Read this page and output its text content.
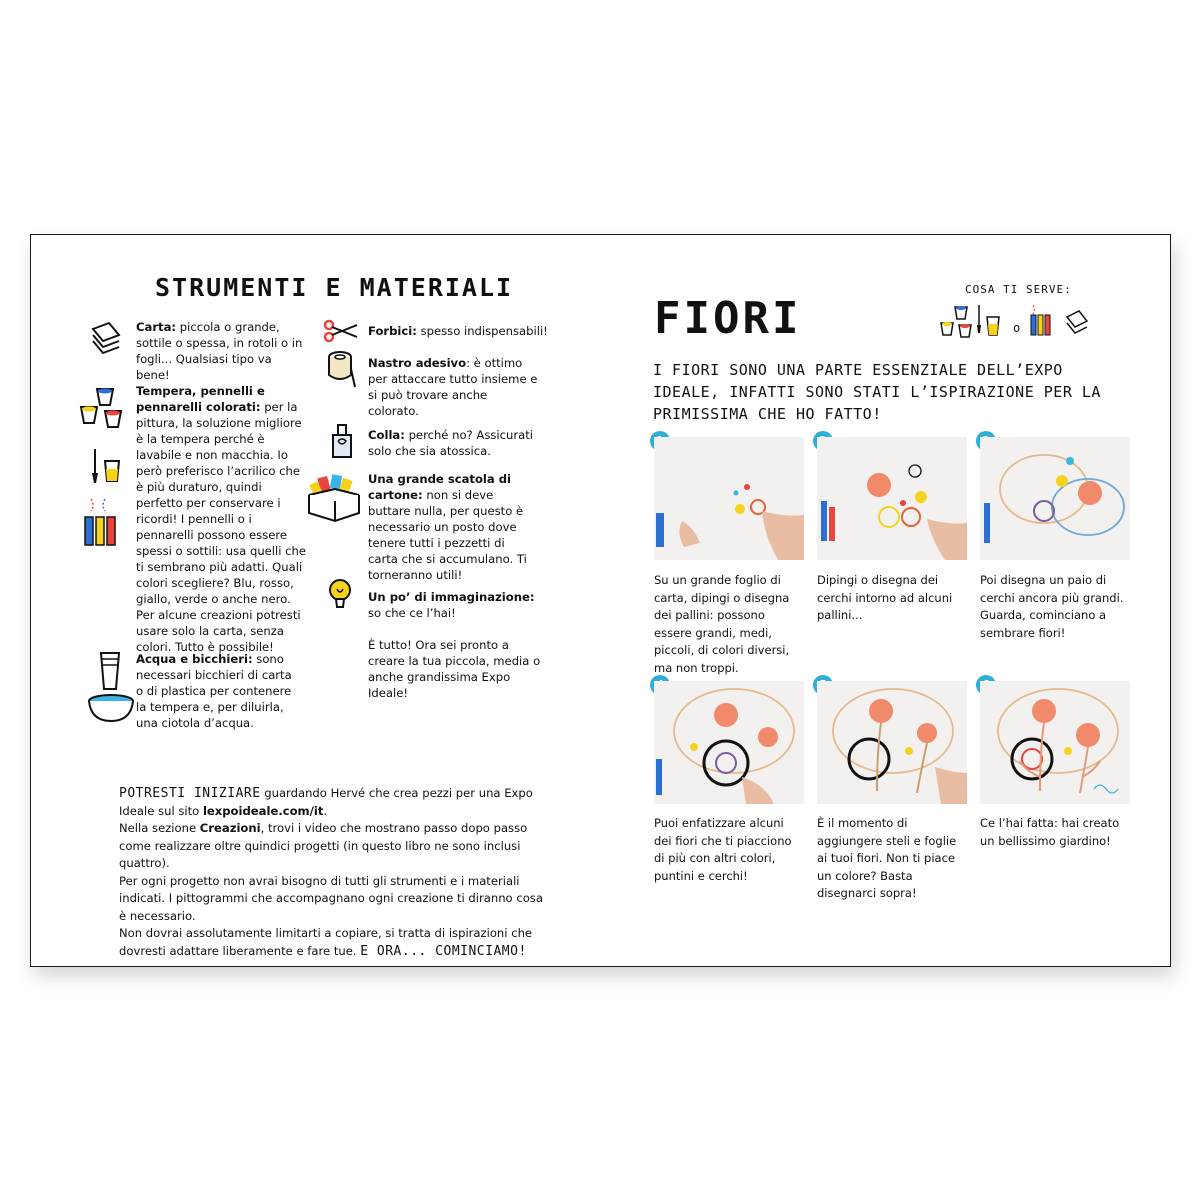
STRUMENTI E MATERIALI
Carta: piccola o grande, sottile o spessa, in rotoli o in fogli... Qualsiasi tipo va bene!
Tempera, pennelli e pennarelli colorati: per la pittura, la soluzione migliore è la tempera perché è lavabile e non macchia. Io però preferisco l’acrilico che è più duraturo, quindi perfetto per conservare i ricordi! I pennelli o i pennarelli possono essere spessi o sottili: usa quelli che ti sembrano più adatti. Quali colori scegliere? Blu, rosso, giallo, verde o anche nero. Per alcune creazioni potresti usare solo la carta, senza colori. Tutto è possibile!
Acqua e bicchieri: sono necessari bicchieri di carta o di plastica per contenere la tempera e, per diluirla, una ciotola d’acqua.
Forbici: spesso indispensabili!
Nastro adesivo: è ottimo per attaccare tutto insieme e si può trovare anche colorato.
Colla: perché no? Assicurati solo che sia atossica.
Una grande scatola di cartone: non si deve buttare nulla, per questo è necessario un posto dove tenere tutti i pezzetti di carta che si accumulano. Ti torneranno utili!
Un po’ di immaginazione: so che ce l’hai!
È tutto! Ora sei pronto a creare la tua piccola, media o anche grandissima Expo Ideale!
POTRESTI INIZIARE guardando Hervé che crea pezzi per una Expo Ideale sul sito lexpoideale.com/it.
Nella sezione Creazioni, trovi i video che mostrano passo dopo passo come realizzare oltre quindici progetti (in questo libro ne sono inclusi quattro).
Per ogni progetto non avrai bisogno di tutti gli strumenti e i materiali indicati. I pittogrammi che accompagnano ogni creazione ti diranno cosa è necessario.
Non dovrai assolutamente limitarti a copiare, si tratta di ispirazioni che dovresti adattare liberamente e fare tue. E ORA... COMINCIAMO!
FIORI
COSA TI SERVE:
o
I FIORI SONO UNA PARTE ESSENZIALE DELL’EXPO IDEALE, INFATTI SONO STATI L’ISPIRAZIONE PER LA PRIMISSIMA CHE HO FATTO!
Su un grande foglio di carta, dipingi o disegna dei pallini: possono essere grandi, medi, piccoli, di colori diversi, ma non troppi.
Dipingi o disegna dei cerchi intorno ad alcuni pallini...
Poi disegna un paio di cerchi ancora più grandi. Guarda, cominciano a sembrare fiori!
Puoi enfatizzare alcuni dei fiori che ti piacciono di più con altri colori, puntini e cerchi!
È il momento di aggiungere steli e foglie ai tuoi fiori. Non ti piace un colore? Basta disegnarci sopra!
Ce l’hai fatta: hai creato un bellissimo giardino!
